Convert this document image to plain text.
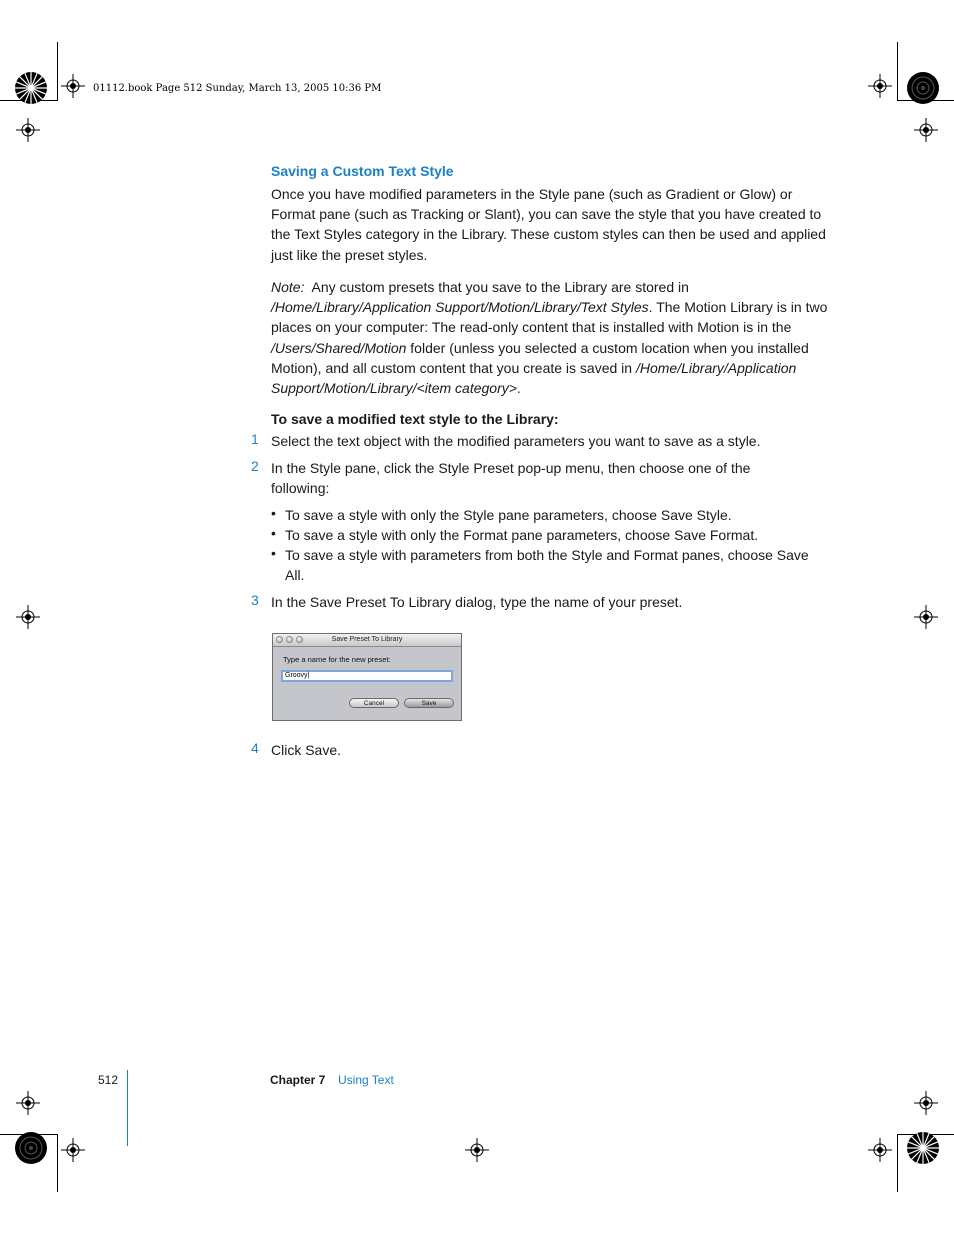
01112.book Page 512 Sunday, March 13, 2005 10:36 PM
Saving a Custom Text Style
Once you have modified parameters in the Style pane (such as Gradient or Glow) or Format pane (such as Tracking or Slant), you can save the style that you have created to the Text Styles category in the Library. These custom styles can then be used and applied just like the preset styles.
Note: Any custom presets that you save to the Library are stored in /Home/Library/Application Support/Motion/Library/Text Styles. The Motion Library is in two places on your computer: The read-only content that is installed with Motion is in the /Users/Shared/Motion folder (unless you selected a custom location when you installed Motion), and all custom content that you create is saved in /Home/Library/Application Support/Motion/Library/<item category>.
To save a modified text style to the Library:
1 Select the text object with the modified parameters you want to save as a style.
2 In the Style pane, click the Style Preset pop-up menu, then choose one of the following:
• To save a style with only the Style pane parameters, choose Save Style.
• To save a style with only the Format pane parameters, choose Save Format.
• To save a style with parameters from both the Style and Format panes, choose Save All.
3 In the Save Preset To Library dialog, type the name of your preset.
Save Preset To Library
Type a name for the new preset:
Groovy|
Cancel	Save
4 Click Save.
512	Chapter 7 Using Text
